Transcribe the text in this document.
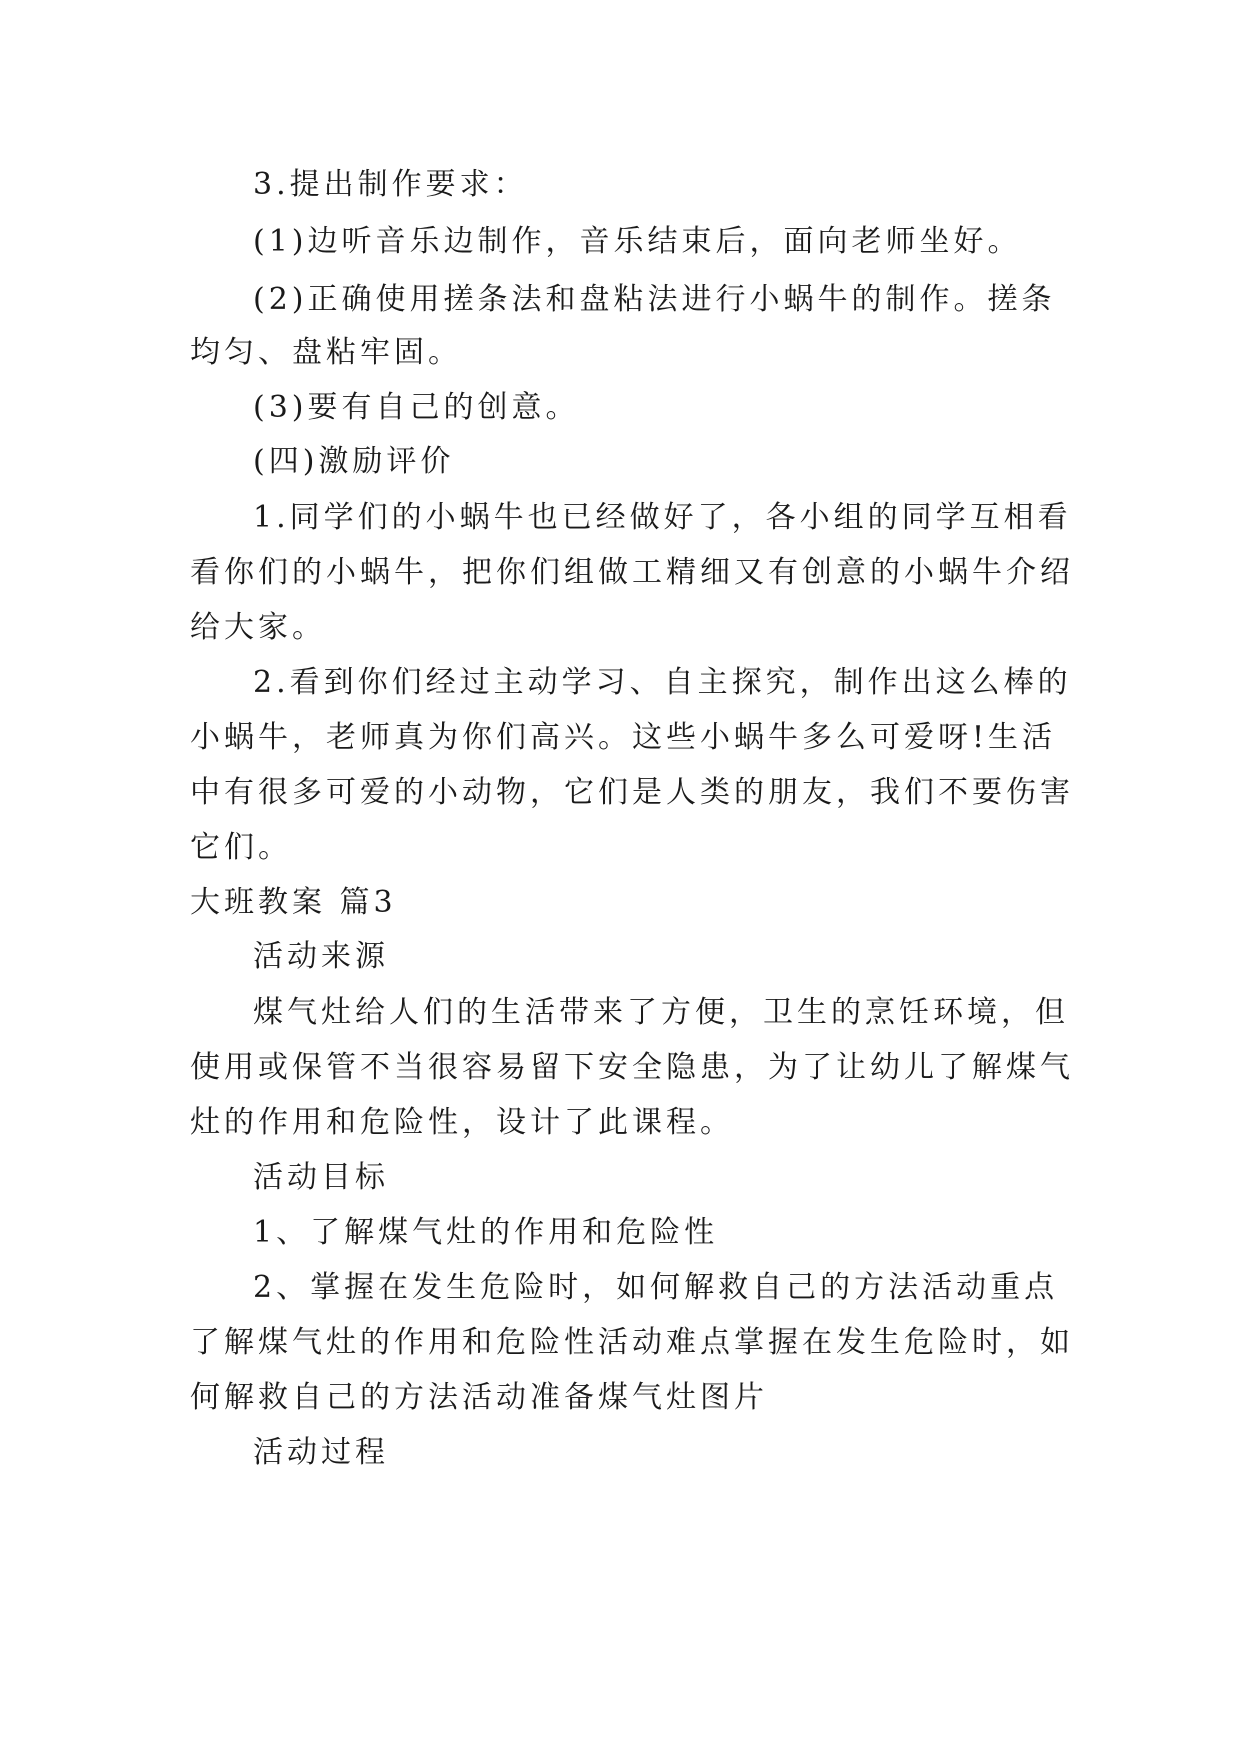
3.提出制作要求：
(1)边听音乐边制作，音乐结束后，面向老师坐好。
(2)正确使用搓条法和盘粘法进行小蜗牛的制作。搓条
均匀、盘粘牢固。
(3)要有自己的创意。
(四)激励评价
1.同学们的小蜗牛也已经做好了，各小组的同学互相看
看你们的小蜗牛，把你们组做工精细又有创意的小蜗牛介绍
给大家。
2.看到你们经过主动学习、自主探究，制作出这么棒的
小蜗牛，老师真为你们高兴。这些小蜗牛多么可爱呀!生活
中有很多可爱的小动物，它们是人类的朋友，我们不要伤害
它们。
大班教案 篇3
活动来源
煤气灶给人们的生活带来了方便，卫生的烹饪环境，但
使用或保管不当很容易留下安全隐患，为了让幼儿了解煤气
灶的作用和危险性，设计了此课程。
活动目标
1、了解煤气灶的作用和危险性
2、掌握在发生危险时，如何解救自己的方法活动重点
了解煤气灶的作用和危险性活动难点掌握在发生危险时，如
何解救自己的方法活动准备煤气灶图片
活动过程
